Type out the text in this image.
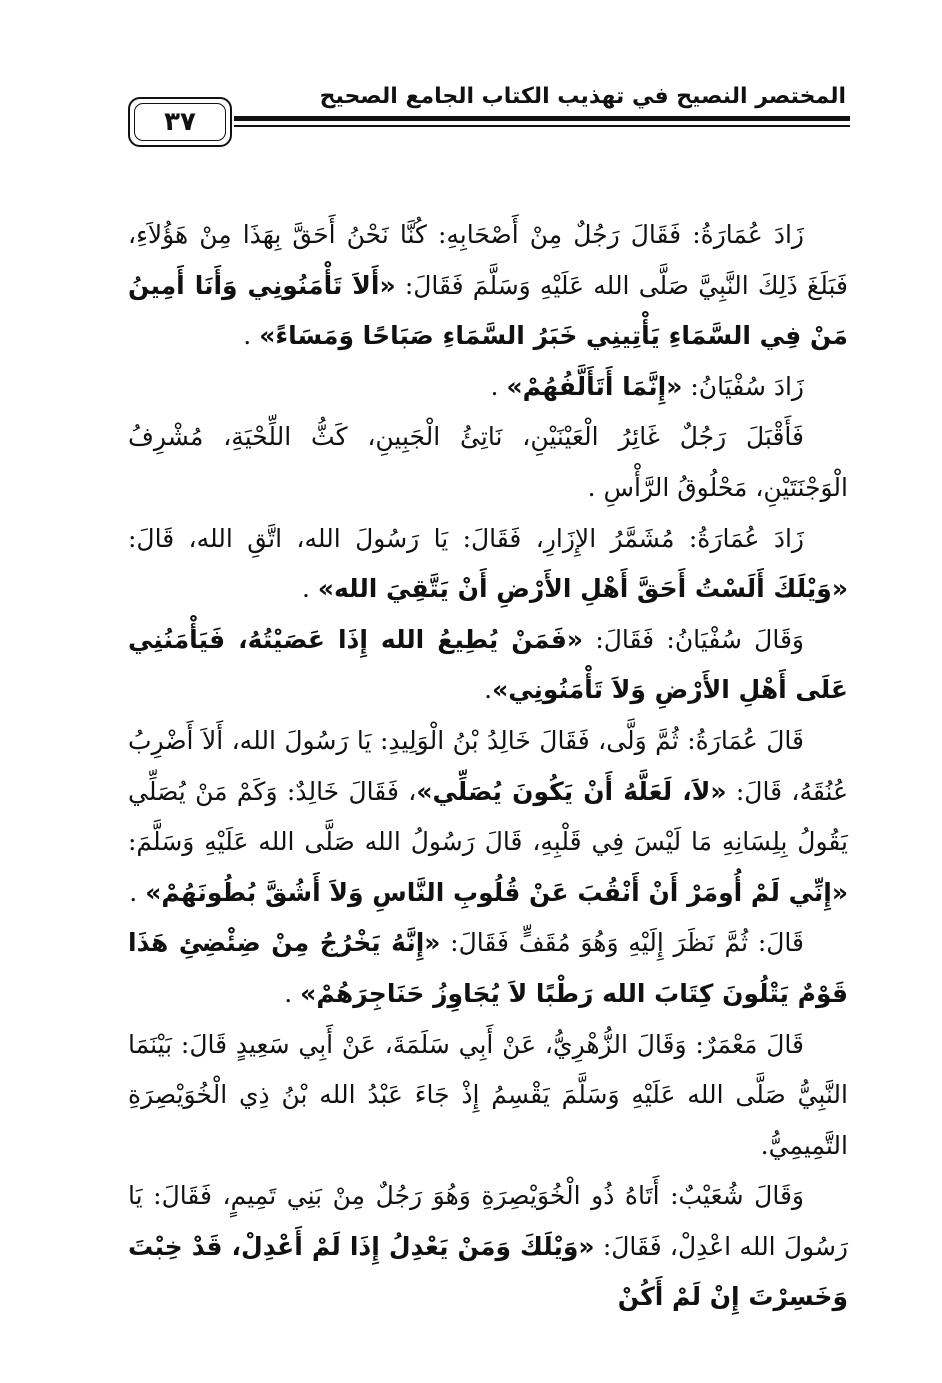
المختصر النصيح في تهذيب الكتاب الجامع الصحيح
٣٧

زَادَ عُمَارَةُ: فَقَالَ رَجُلٌ مِنْ أَصْحَابِهِ: كُنَّا نَحْنُ أَحَقَّ بِهَذَا مِنْ هَؤُلاَءِ، فَبَلَغَ ذَلِكَ النَّبِيَّ صَلَّى الله عَلَيْهِ وَسَلَّمَ فَقَالَ: «أَلاَ تَأْمَنُونِي وَأَنَا أَمِينُ مَنْ فِي السَّمَاءِ يَأْتِينِي خَبَرُ السَّمَاءِ صَبَاحًا وَمَسَاءً» .

زَادَ سُفْيَانُ: «إِنَّمَا أَتَأَلَّفُهُمْ» .

فَأَقْبَلَ رَجُلٌ غَائِرُ الْعَيْنَيْنِ، نَاتِئُ الْجَبِينِ، كَثُّ اللِّحْيَةِ، مُشْرِفُ الْوَجْنَتَيْنِ، مَحْلُوقُ الرَّأْسِ .

زَادَ عُمَارَةُ: مُشَمَّرُ الإِزَارِ، فَقَالَ: يَا رَسُولَ الله، اتَّقِ الله، قَالَ: «وَيْلَكَ أَلَسْتُ أَحَقَّ أَهْلِ الأَرْضِ أَنْ يَتَّقِيَ الله» .

وَقَالَ سُفْيَانُ: فَقَالَ: «فَمَنْ يُطِيعُ الله إِذَا عَصَيْتُهُ، فَيَأْمَنُنِي عَلَى أَهْلِ الأَرْضِ وَلاَ تَأْمَنُونِي».

قَالَ عُمَارَةُ: ثُمَّ وَلَّى، فَقَالَ خَالِدُ بْنُ الْوَلِيدِ: يَا رَسُولَ الله، أَلاَ أَضْرِبُ عُنُقَهُ، قَالَ: «لاَ، لَعَلَّهُ أَنْ يَكُونَ يُصَلِّي»، فَقَالَ خَالِدٌ: وَكَمْ مَنْ يُصَلِّي يَقُولُ بِلِسَانِهِ مَا لَيْسَ فِي قَلْبِهِ، قَالَ رَسُولُ الله صَلَّى الله عَلَيْهِ وَسَلَّمَ: «إِنِّي لَمْ أُومَرْ أَنْ أَنْقُبَ عَنْ قُلُوبِ النَّاسِ وَلاَ أَشُقَّ بُطُونَهُمْ» .

قَالَ: ثُمَّ نَظَرَ إِلَيْهِ وَهُوَ مُقَفٍّ فَقَالَ: «إِنَّهُ يَخْرُجُ مِنْ ضِئْضِئِ هَذَا قَوْمٌ يَتْلُونَ كِتَابَ الله رَطْبًا لاَ يُجَاوِزُ حَنَاجِرَهُمْ» .

قَالَ مَعْمَرٌ: وَقَالَ الزُّهْرِيُّ، عَنْ أَبِي سَلَمَةَ، عَنْ أَبِي سَعِيدٍ قَالَ: بَيْنَمَا النَّبِيُّ صَلَّى الله عَلَيْهِ وَسَلَّمَ يَقْسِمُ إِذْ جَاءَ عَبْدُ الله بْنُ ذِي الْخُوَيْصِرَةِ التَّمِيمِيُّ.

وَقَالَ شُعَيْبٌ: أَتَاهُ ذُو الْخُوَيْصِرَةِ وَهُوَ رَجُلٌ مِنْ بَنِي تَمِيمٍ، فَقَالَ: يَا رَسُولَ الله اعْدِلْ، فَقَالَ: «وَيْلَكَ وَمَنْ يَعْدِلُ إِذَا لَمْ أَعْدِلْ، قَدْ خِبْتَ وَخَسِرْتَ إِنْ لَمْ أَكُنْ
